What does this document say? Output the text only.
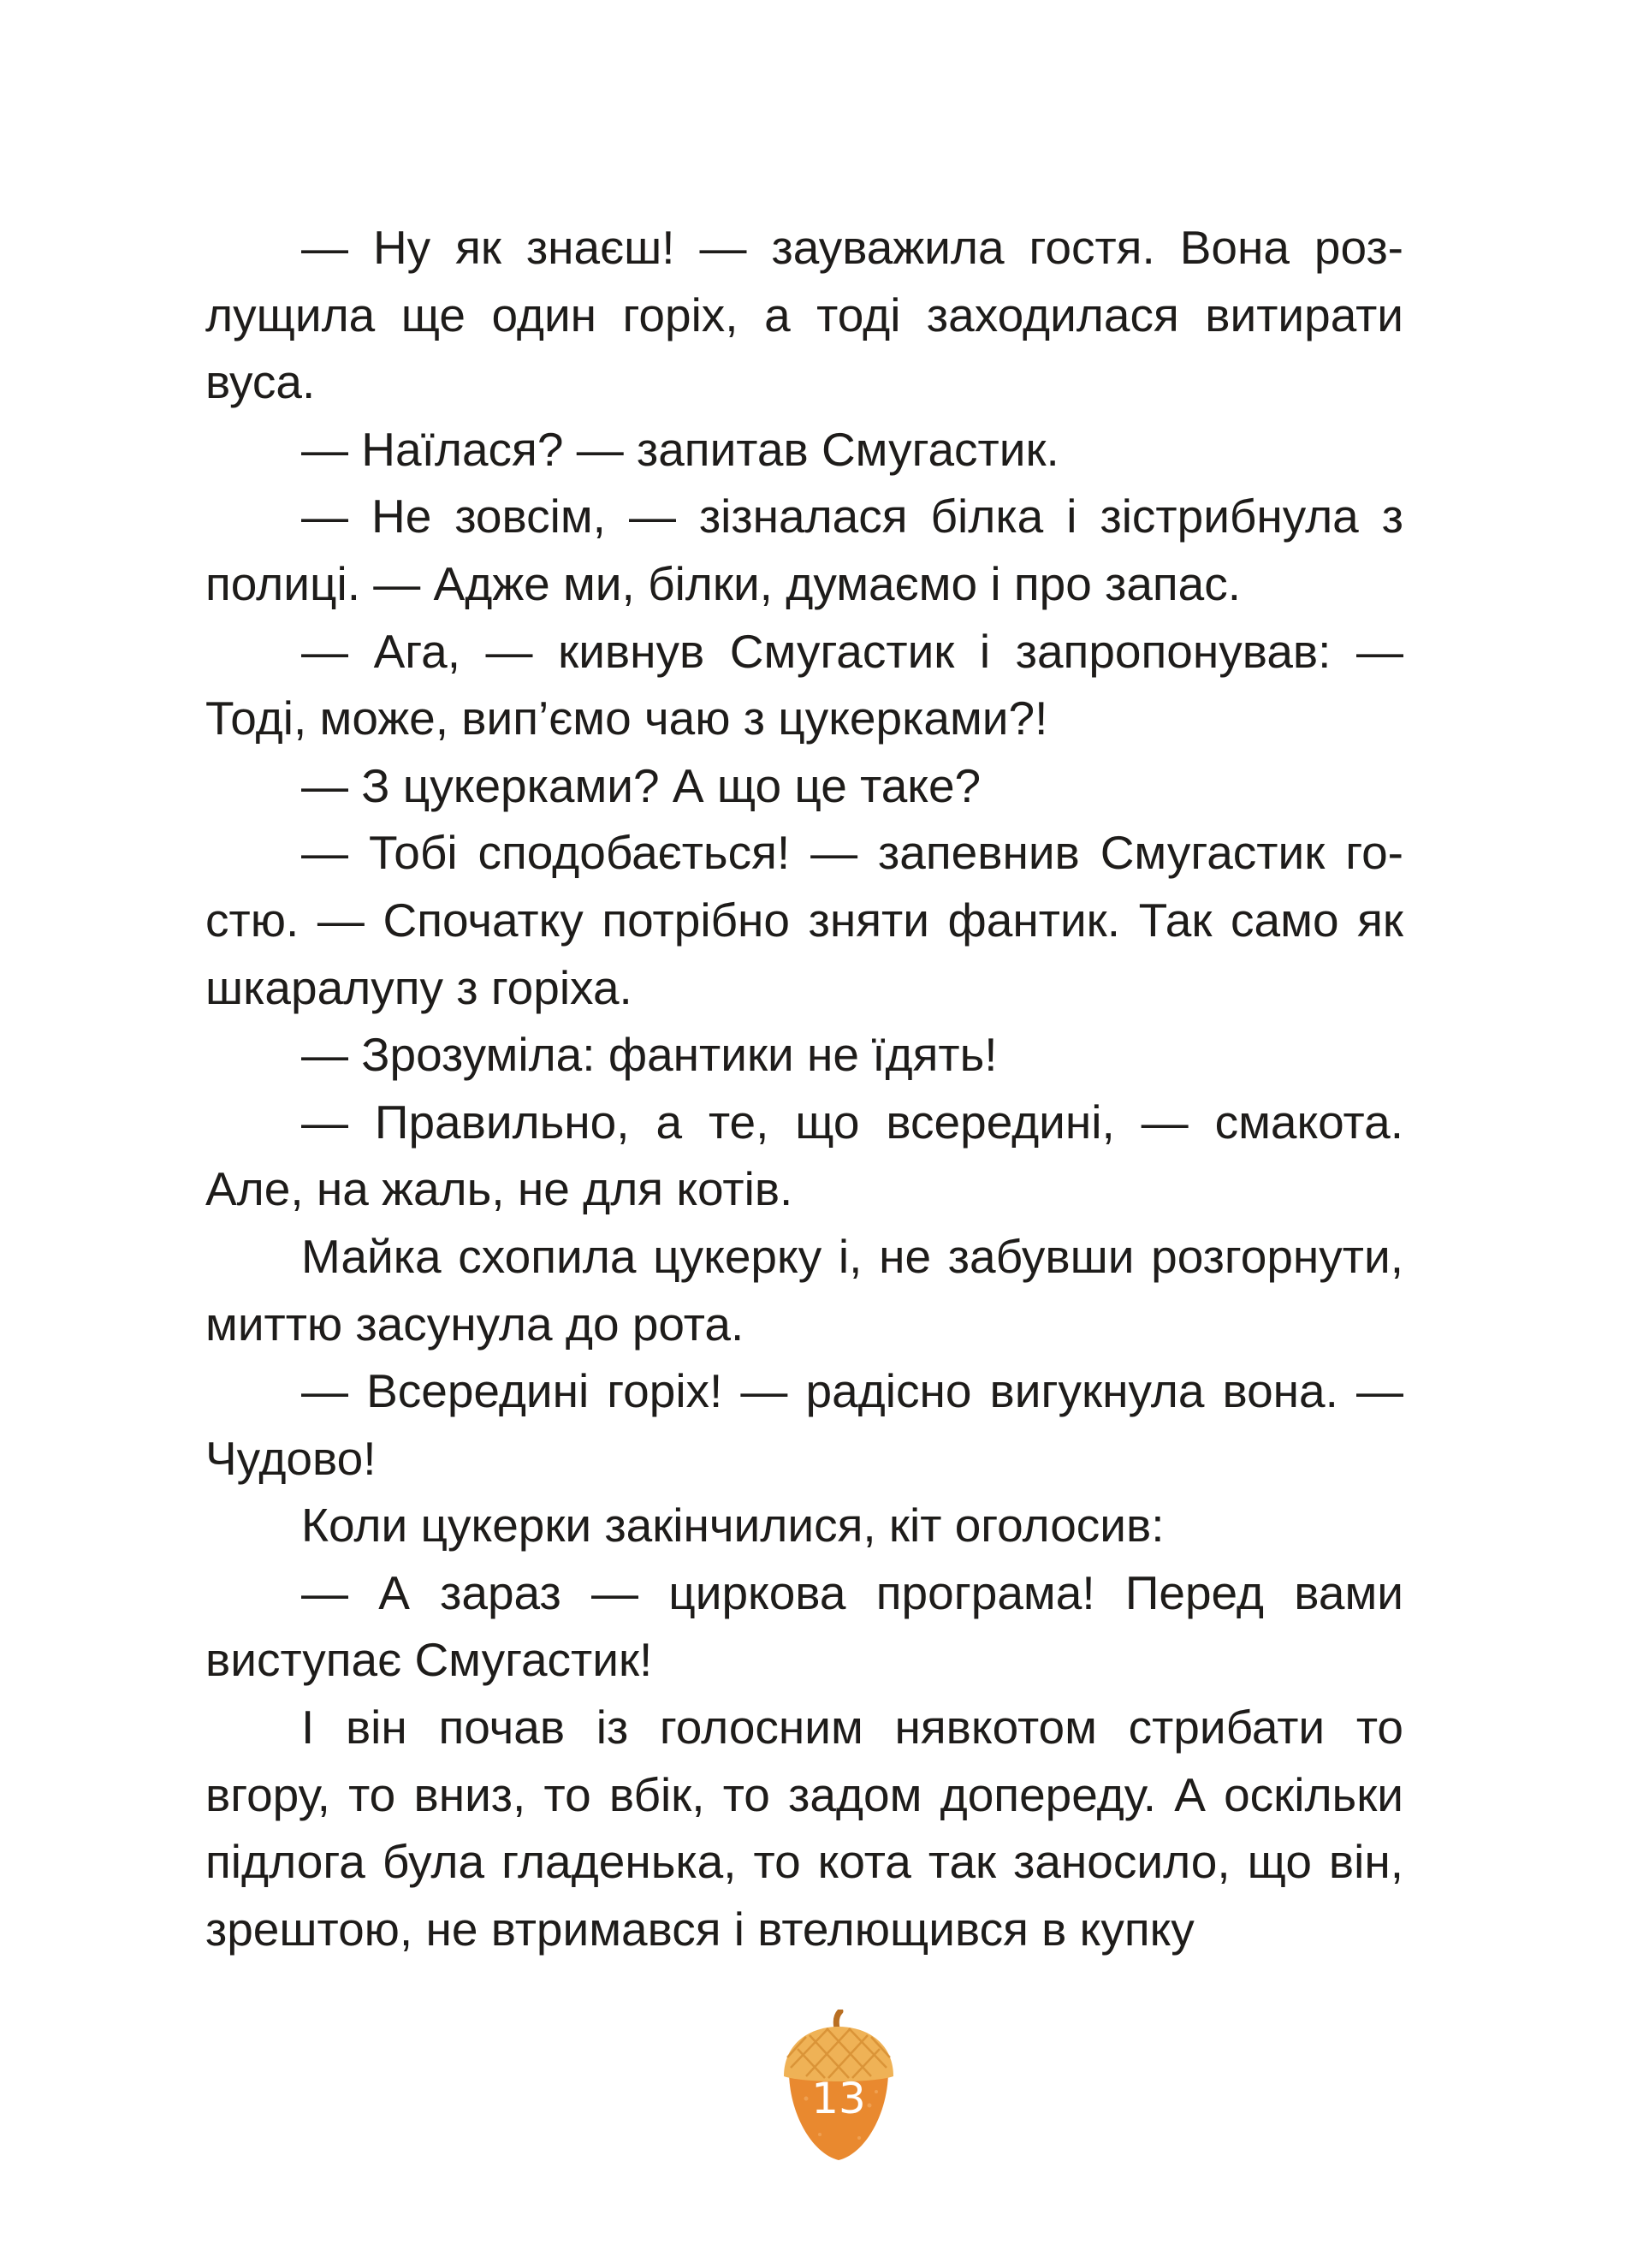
— Ну як знаєш! — зауважила гостя. Вона розлущила ще один горіх, а тоді заходилася витирати вуса.

— Наїлася? — запитав Смугастик.

— Не зовсім, — зізналася білка і зістрибнула з полиці. — Адже ми, білки, думаємо і про запас.

— Ага, — кивнув Смугастик і запропонував: — Тоді, може, вип’ємо чаю з цукерками?!

— З цукерками? А що це таке?

— Тобі сподобається! — запевнив Смугастик гостю. — Спочатку потрібно зняти фантик. Так само як шкаралупу з горіха.

— Зрозуміла: фантики не їдять!

— Правильно, а те, що всередині, — смакота. Але, на жаль, не для котів.

Майка схопила цукерку і, не забувши розгорнути, миттю засунула до рота.

— Всередині горіх! — радісно вигукнула вона. — Чудово!

Коли цукерки закінчилися, кіт оголосив:

— А зараз — циркова програма! Перед вами виступає Смугастик!

І він почав із голосним нявкотом стрибати то вгору, то вниз, то вбік, то задом допереду. А оскільки підлога була гладенька, то кота так заносило, що він, зрештою, не втримався і втелющився в купку

13
